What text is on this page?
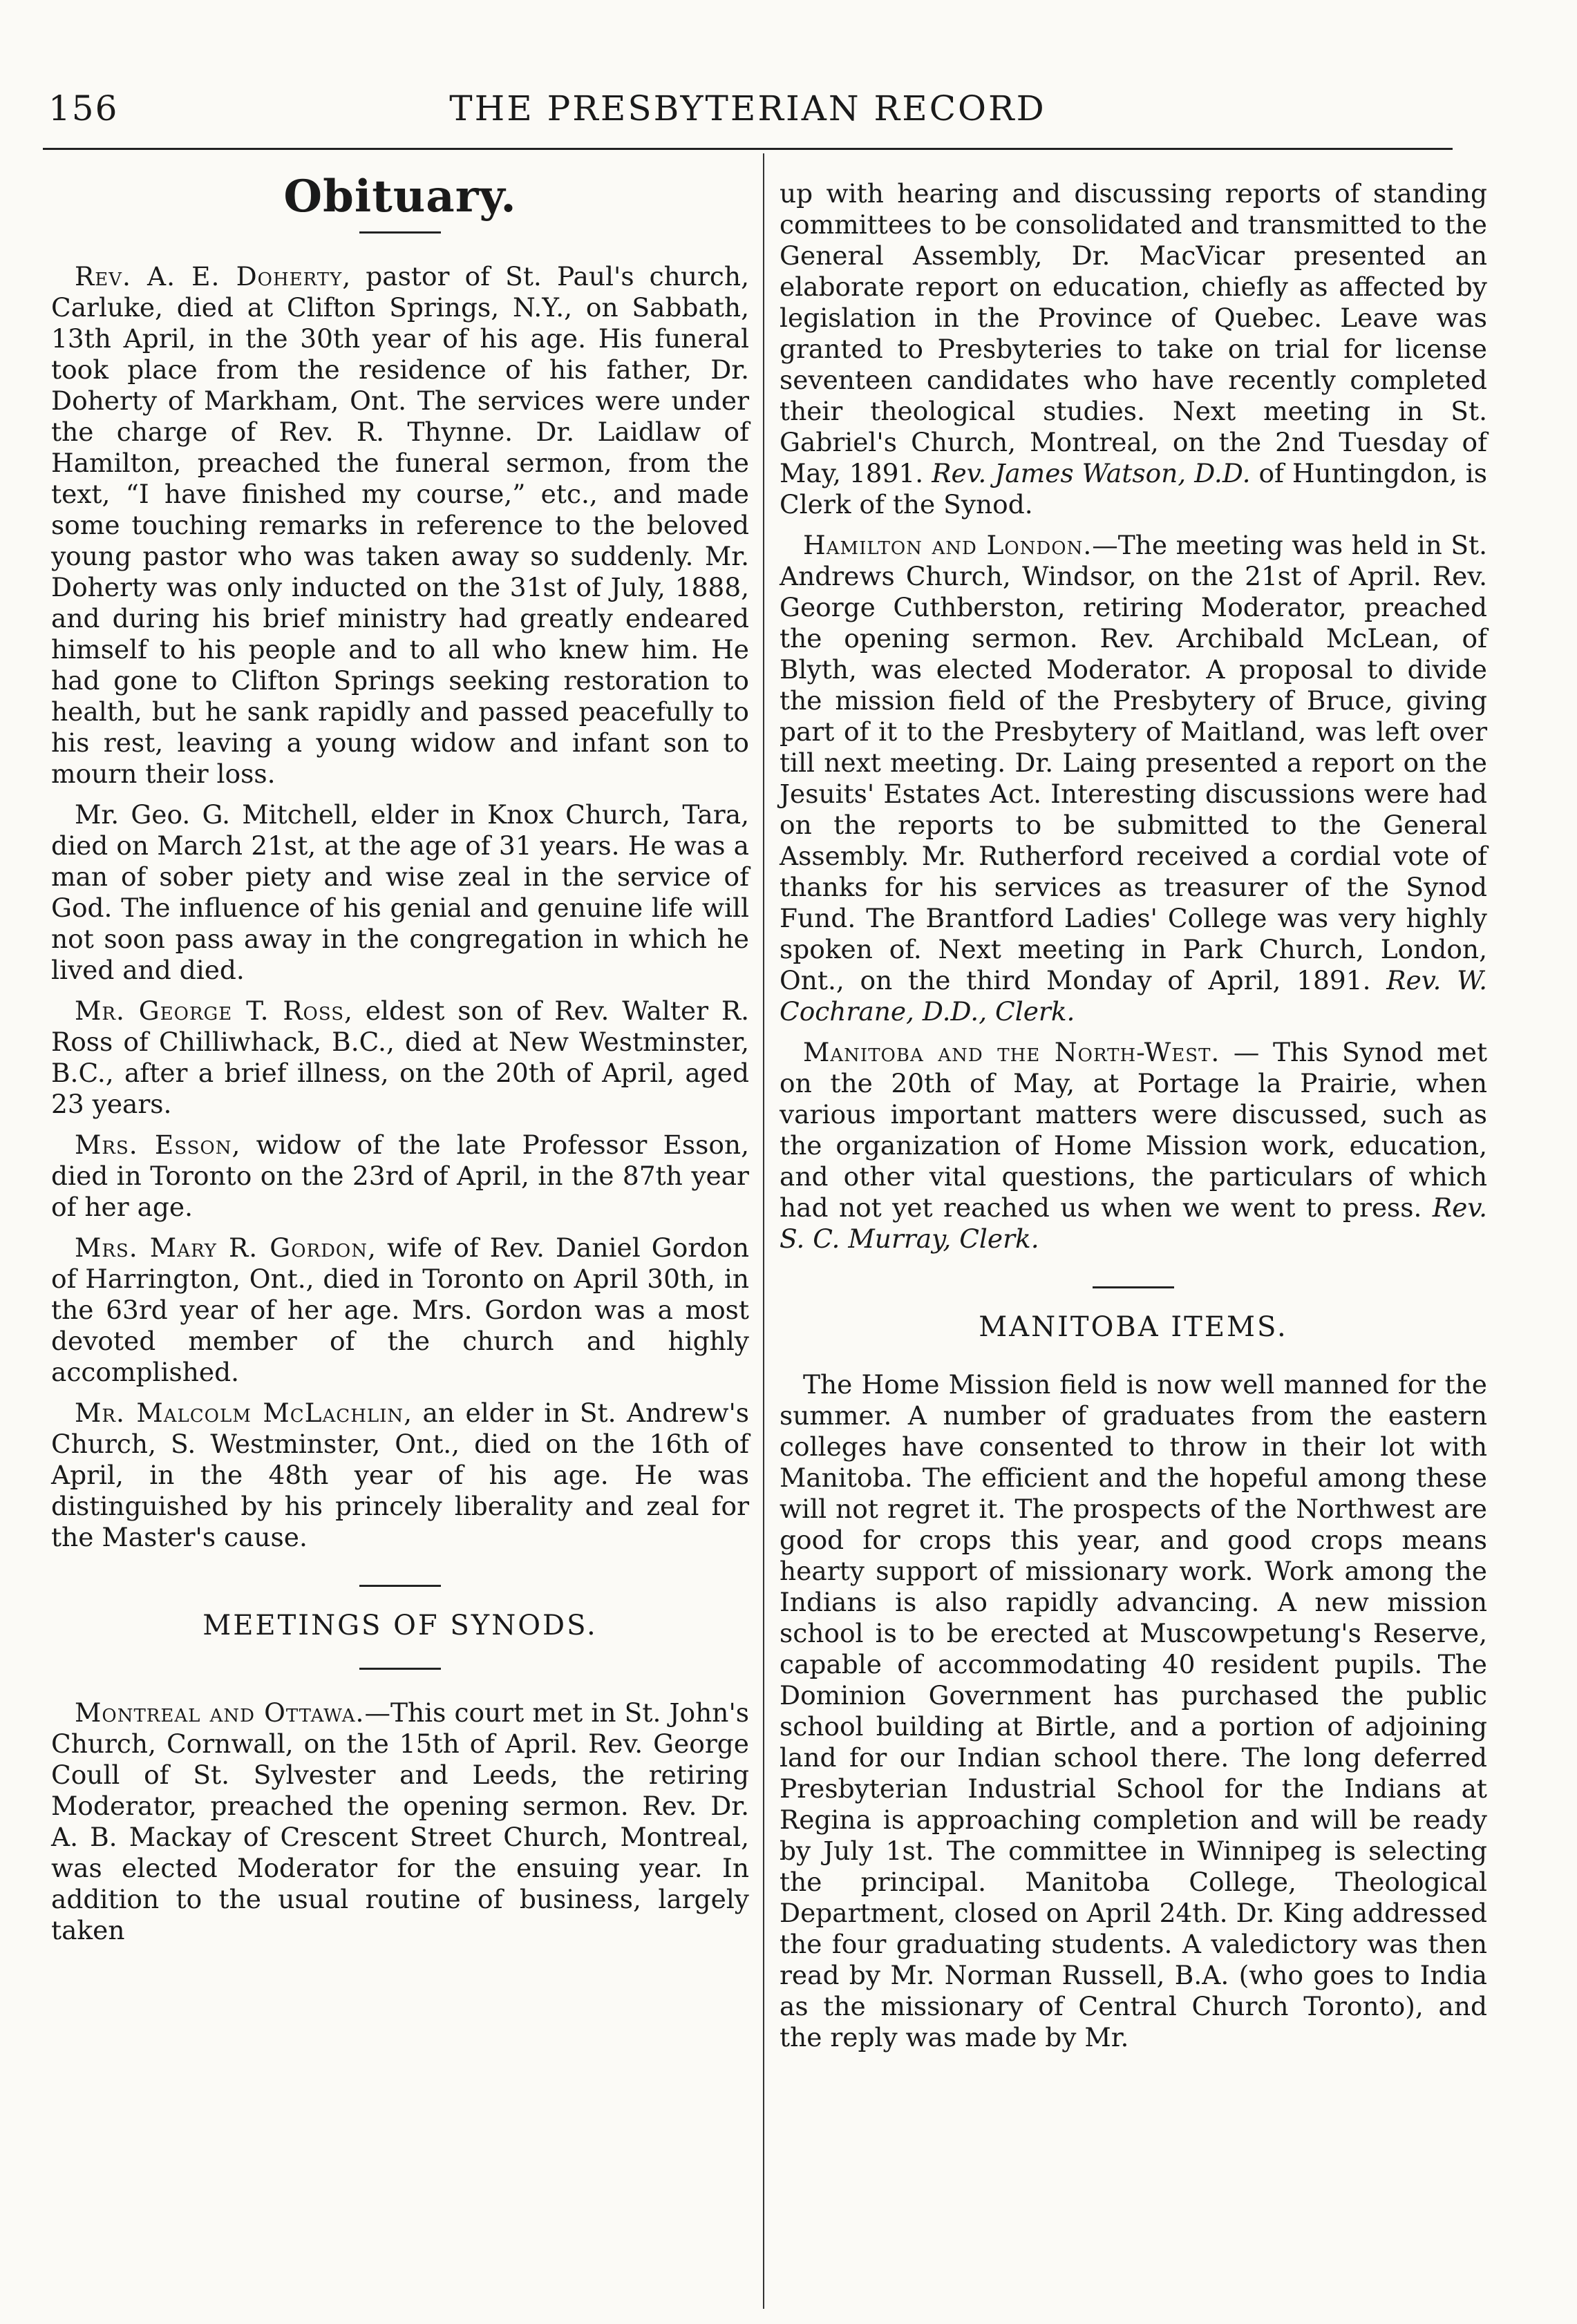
156	THE PRESBYTERIAN RECORD
Obituary.

Rev. A. E. Doherty, pastor of St. Paul's church, Carluke, died at Clifton Springs, N.Y., on Sabbath, 13th April, in the 30th year of his age. His funeral took place from the residence of his father, Dr. Doherty of Markham, Ont. The services were under the charge of Rev. R. Thynne. Dr. Laidlaw of Hamilton, preached the funeral sermon, from the text, “I have finished my course,” etc., and made some touching remarks in reference to the beloved young pastor who was taken away so suddenly. Mr. Doherty was only inducted on the 31st of July, 1888, and during his brief ministry had greatly endeared himself to his people and to all who knew him. He had gone to Clifton Springs seeking restoration to health, but he sank rapidly and passed peacefully to his rest, leaving a young widow and infant son to mourn their loss.

Mr. Geo. G. Mitchell, elder in Knox Church, Tara, died on March 21st, at the age of 31 years. He was a man of sober piety and wise zeal in the service of God. The influence of his genial and genuine life will not soon pass away in the congregation in which he lived and died.

Mr. George T. Ross, eldest son of Rev. Walter R. Ross of Chilliwhack, B.C., died at New Westminster, B.C., after a brief illness, on the 20th of April, aged 23 years.

Mrs. Esson, widow of the late Professor Esson, died in Toronto on the 23rd of April, in the 87th year of her age.

Mrs. Mary R. Gordon, wife of Rev. Daniel Gordon of Harrington, Ont., died in Toronto on April 30th, in the 63rd year of her age. Mrs. Gordon was a most devoted member of the church and highly accomplished.

Mr. Malcolm McLachlin, an elder in St. Andrew's Church, S. Westminster, Ont., died on the 16th of April, in the 48th year of his age. He was distinguished by his princely liberality and zeal for the Master's cause.

MEETINGS OF SYNODS.

Montreal and Ottawa.—This court met in St. John's Church, Cornwall, on the 15th of April. Rev. George Coull of St. Sylvester and Leeds, the retiring Moderator, preached the opening sermon. Rev. Dr. A. B. Mackay of Crescent Street Church, Montreal, was elected Moderator for the ensuing year. In addition to the usual routine of business, largely taken

up with hearing and discussing reports of standing committees to be consolidated and transmitted to the General Assembly, Dr. MacVicar presented an elaborate report on education, chiefly as affected by legislation in the Province of Quebec. Leave was granted to Presbyteries to take on trial for license seventeen candidates who have recently completed their theological studies. Next meeting in St. Gabriel's Church, Montreal, on the 2nd Tuesday of May, 1891. Rev. James Watson, D.D. of Huntingdon, is Clerk of the Synod.

Hamilton and London.—The meeting was held in St. Andrews Church, Windsor, on the 21st of April. Rev. George Cuthberston, retiring Moderator, preached the opening sermon. Rev. Archibald McLean, of Blyth, was elected Moderator. A proposal to divide the mission field of the Presbytery of Bruce, giving part of it to the Presbytery of Maitland, was left over till next meeting. Dr. Laing presented a report on the Jesuits' Estates Act. Interesting discussions were had on the reports to be submitted to the General Assembly. Mr. Rutherford received a cordial vote of thanks for his services as treasurer of the Synod Fund. The Brantford Ladies' College was very highly spoken of. Next meeting in Park Church, London, Ont., on the third Monday of April, 1891. Rev. W. Cochrane, D.D., Clerk.

Manitoba and the North-West. — This Synod met on the 20th of May, at Portage la Prairie, when various important matters were discussed, such as the organization of Home Mission work, education, and other vital questions, the particulars of which had not yet reached us when we went to press. Rev. S. C. Murray, Clerk.

MANITOBA ITEMS.

The Home Mission field is now well manned for the summer. A number of graduates from the eastern colleges have consented to throw in their lot with Manitoba. The efficient and the hopeful among these will not regret it. The prospects of the Northwest are good for crops this year, and good crops means hearty support of missionary work. Work among the Indians is also rapidly advancing. A new mission school is to be erected at Muscowpetung's Reserve, capable of accommodating 40 resident pupils. The Dominion Government has purchased the public school building at Birtle, and a portion of adjoining land for our Indian school there. The long deferred Presbyterian Industrial School for the Indians at Regina is approaching completion and will be ready by July 1st. The committee in Winnipeg is selecting the principal. Manitoba College, Theological Department, closed on April 24th. Dr. King addressed the four graduating students. A valedictory was then read by Mr. Norman Russell, B.A. (who goes to India as the missionary of Central Church Toronto), and the reply was made by Mr.
